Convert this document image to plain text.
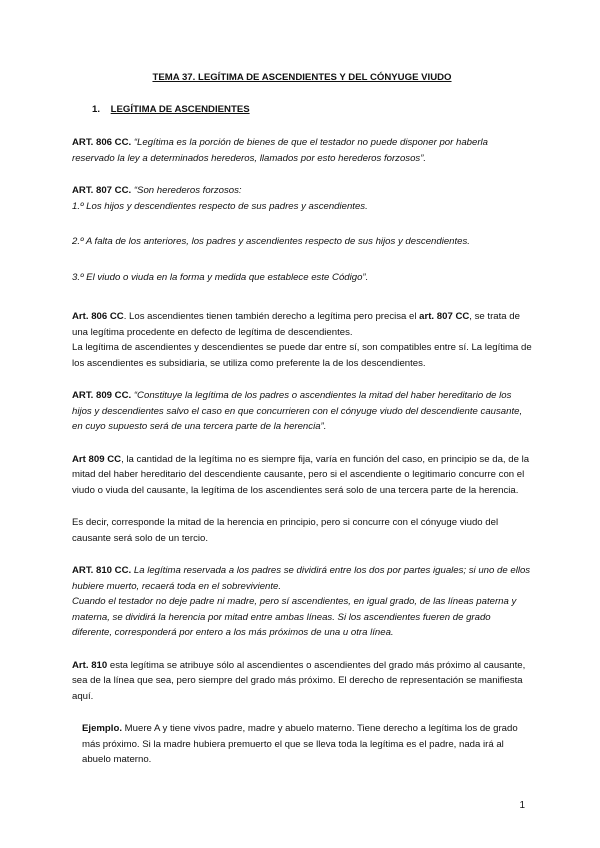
TEMA 37. LEGÍTIMA DE ASCENDIENTES Y DEL CÓNYUGE VIUDO

1. LEGÍTIMA DE ASCENDIENTES

ART. 806 CC. “Legítima es la porción de bienes de que el testador no puede disponer por haberla reservado la ley a determinados herederos, llamados por esto herederos forzosos”.

ART. 807 CC. “Son herederos forzosos:

1.º Los hijos y descendientes respecto de sus padres y ascendientes.

2.º A falta de los anteriores, los padres y ascendientes respecto de sus hijos y descendientes.

3.º El viudo o viuda en la forma y medida que establece este Código”.

Art. 806 CC. Los ascendientes tienen también derecho a legítima pero precisa el art. 807 CC, se trata de una legítima procedente en defecto de legítima de descendientes.

La legítima de ascendientes y descendientes se puede dar entre sí, son compatibles entre sí. La legítima de los ascendientes es subsidiaria, se utiliza como preferente la de los descendientes.

ART. 809 CC. “Constituye la legítima de los padres o ascendientes la mitad del haber hereditario de los hijos y descendientes salvo el caso en que concurrieren con el cónyuge viudo del descendiente causante, en cuyo supuesto será de una tercera parte de la herencia”.

Art 809 CC, la cantidad de la legítima no es siempre fija, varía en función del caso, en principio se da, de la mitad del haber hereditario del descendiente causante, pero si el ascendiente o legitimario concurre con el viudo o viuda del causante, la legítima de los ascendientes será solo de una tercera parte de la herencia.

Es decir, corresponde la mitad de la herencia en principio, pero si concurre con el cónyuge viudo del causante será solo de un tercio.

ART. 810 CC. La legítima reservada a los padres se dividirá entre los dos por partes iguales; si uno de ellos hubiere muerto, recaerá toda en el sobreviviente.

Cuando el testador no deje padre ni madre, pero sí ascendientes, en igual grado, de las líneas paterna y materna, se dividirá la herencia por mitad entre ambas líneas. Si los ascendientes fueren de grado diferente, corresponderá por entero a los más próximos de una u otra línea.

Art. 810 esta legítima se atribuye sólo al ascendientes o ascendientes del grado más próximo al causante, sea de la línea que sea, pero siempre del grado más próximo. El derecho de representación se manifiesta aquí.

Ejemplo. Muere A y tiene vivos padre, madre y abuelo materno. Tiene derecho a legítima los de grado más próximo. Si la madre hubiera premuerto el que se lleva toda la legítima es el padre, nada irá al abuelo materno.

1
